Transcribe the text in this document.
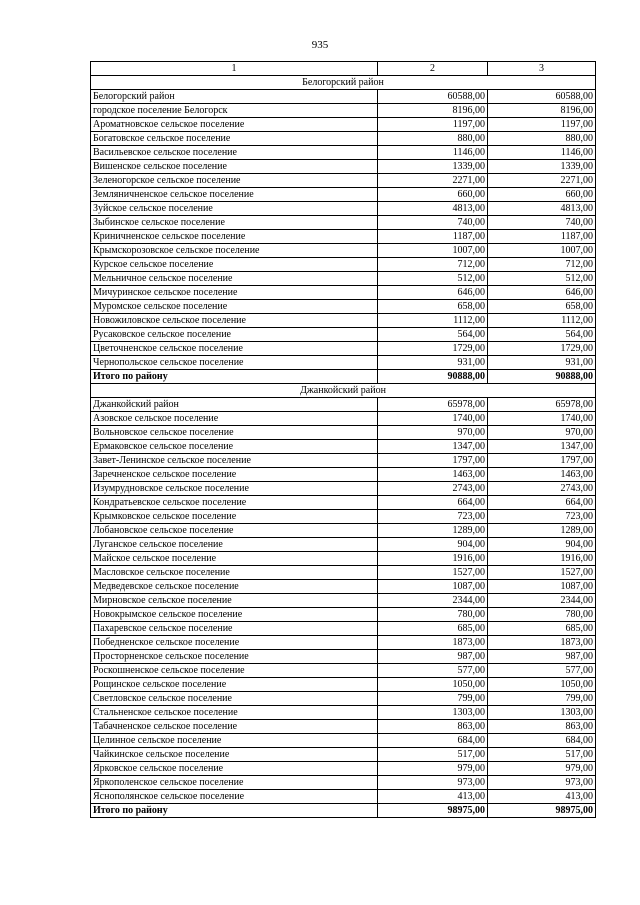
935
1	2	3
Белогорский район		
Белогорский район	60588,00	60588,00
городское поселение Белогорск	8196,00	8196,00
Ароматновское сельское поселение	1197,00	1197,00
Богатовское сельское поселение	880,00	880,00
Васильевское сельское поселение	1146,00	1146,00
Вишенское сельское поселение	1339,00	1339,00
Зеленогорское сельское поселение	2271,00	2271,00
Земляничненское сельское поселение	660,00	660,00
Зуйское сельское поселение	4813,00	4813,00
Зыбинское сельское поселение	740,00	740,00
Криничненское сельское поселение	1187,00	1187,00
Крымскорозовское сельское поселение	1007,00	1007,00
Курское сельское поселение	712,00	712,00
Мельничное сельское поселение	512,00	512,00
Мичуринское сельское поселение	646,00	646,00
Муромское сельское поселение	658,00	658,00
Новожиловское сельское поселение	1112,00	1112,00
Русаковское сельское поселение	564,00	564,00
Цветочненское сельское поселение	1729,00	1729,00
Чернопольское сельское поселение	931,00	931,00
Итого по району	90888,00	90888,00
Джанкойский район		
Джанкойский район	65978,00	65978,00
Азовское сельское поселение	1740,00	1740,00
Вольновское сельское поселение	970,00	970,00
Ермаковское сельское поселение	1347,00	1347,00
Завет-Ленинское сельское поселение	1797,00	1797,00
Заречненское сельское поселение	1463,00	1463,00
Изумрудновское сельское поселение	2743,00	2743,00
Кондратьевское сельское поселение	664,00	664,00
Крымковское сельское поселение	723,00	723,00
Лобановское сельское поселение	1289,00	1289,00
Луганское сельское поселение	904,00	904,00
Майское сельское поселение	1916,00	1916,00
Масловское сельское поселение	1527,00	1527,00
Медведевское сельское поселение	1087,00	1087,00
Мирновское сельское поселение	2344,00	2344,00
Новокрымское сельское поселение	780,00	780,00
Пахаревское сельское поселение	685,00	685,00
Победненское сельское поселение	1873,00	1873,00
Просторненское сельское поселение	987,00	987,00
Роскошненское сельское поселение	577,00	577,00
Рощинское сельское поселение	1050,00	1050,00
Светловское сельское поселение	799,00	799,00
Стальненское сельское поселение	1303,00	1303,00
Табачненское сельское поселение	863,00	863,00
Целинное сельское поселение	684,00	684,00
Чайкинское сельское поселение	517,00	517,00
Ярковское сельское поселение	979,00	979,00
Яркополенское сельское поселение	973,00	973,00
Яснополянское сельское поселение	413,00	413,00
Итого по району	98975,00	98975,00
